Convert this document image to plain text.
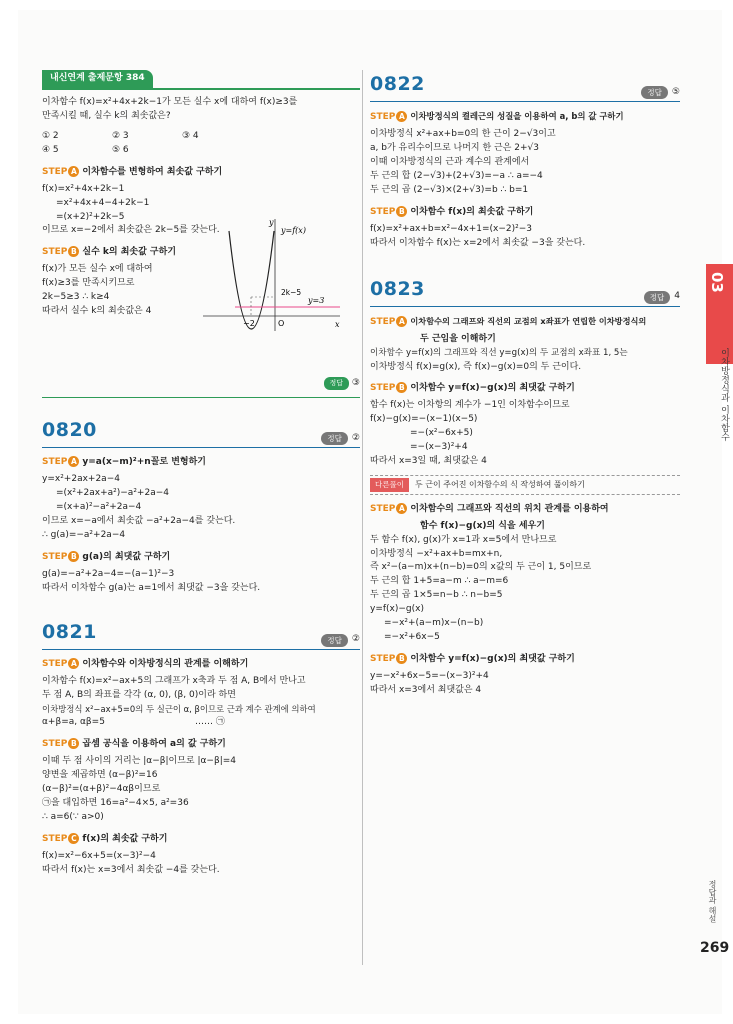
내신연계 출제문항 384
이차함수 f(x)=x²+4x+2k−1가 모든 실수 x에 대하여 f(x)≥3를
만족시킬 때, 실수 k의 최솟값은?
① 2	② 3	③ 4
④ 5	⑤ 6
STEP A 이차함수를 변형하여 최솟값 구하기
f(x)=x²+4x+2k−1
=x²+4x+4−4+2k−1
=(x+2)²+2k−5
이므로 x=−2에서 최솟값은 2k−5를 갖는다.
STEP B 실수 k의 최솟값 구하기
f(x)가 모든 실수 x에 대하여
f(x)≥3를 만족시키므로
2k−5≥3 ∴ k≥4
따라서 실수 k의 최솟값은 4
정답 ③
0820	정답	②
STEP A y=a(x−m)²+n꼴로 변형하기
y=x²+2ax+2a−4
=(x²+2ax+a²)−a²+2a−4
=(x+a)²−a²+2a−4
이므로 x=−a에서 최솟값 −a²+2a−4를 갖는다.
∴ g(a)=−a²+2a−4
STEP B g(a)의 최댓값 구하기
g(a)=−a²+2a−4=−(a−1)²−3
따라서 이차함수 g(a)는 a=1에서 최댓값 −3을 갖는다.
0821	정답	②
STEP A 이차함수와 이차방정식의 관계를 이해하기
이차함수 f(x)=x²−ax+5의 그래프가 x축과 두 점 A, B에서 만나고
두 점 A, B의 좌표를 각각 (α, 0), (β, 0)이라 하면
이차방정식 x²−ax+5=0의 두 실근이 α, β이므로 근과 계수 관계에 의하여
α+β=a, αβ=5	…… ㉠
STEP B 곱셈 공식을 이용하여 a의 값 구하기
이때 두 점 사이의 거리는 |α−β|이므로 |α−β|=4
양변을 제곱하면 (α−β)²=16
(α−β)²=(α+β)²−4αβ이므로
㉠을 대입하면 16=a²−4×5, a²=36
∴ a=6(∵ a>0)
STEP C f(x)의 최솟값 구하기
f(x)=x²−6x+5=(x−3)²−4
따라서 f(x)는 x=3에서 최솟값 −4를 갖는다.
y
y=f(x)
2k−5
y=3
−2	O	x
0822	정답	⑤
STEP A 이차방정식의 켤레근의 성질을 이용하여 a, b의 값 구하기
이차방정식 x²+ax+b=0의 한 근이 2−√3이고
a, b가 유리수이므로 나머지 한 근은 2+√3
이때 이차방정식의 근과 계수의 관계에서
두 근의 합 (2−√3)+(2+√3)=−a ∴ a=−4
두 근의 곱 (2−√3)×(2+√3)=b ∴ b=1
STEP B 이차함수 f(x)의 최솟값 구하기
f(x)=x²+ax+b=x²−4x+1=(x−2)²−3
따라서 이차함수 f(x)는 x=2에서 최솟값 −3을 갖는다.
0823	정답	4
STEP A 이차함수의 그래프와 직선의 교점의 x좌표가 연립한 이차방정식의
두 근임을 이해하기
이차함수 y=f(x)의 그래프와 직선 y=g(x)의 두 교점의 x좌표 1, 5는
이차방정식 f(x)=g(x), 즉 f(x)−g(x)=0의 두 근이다.
STEP B 이차함수 y=f(x)−g(x)의 최댓값 구하기
함수 f(x)는 이차항의 계수가 −1인 이차함수이므로
f(x)−g(x)=−(x−1)(x−5)
=−(x²−6x+5)
=−(x−3)²+4
따라서 x=3일 때, 최댓값은 4
다른풀이 두 근이 주어진 이차함수의 식 작성하여 풀이하기
STEP A 이차함수의 그래프와 직선의 위치 관계를 이용하여
함수 f(x)−g(x)의 식을 세우기
두 함수 f(x), g(x)가 x=1과 x=5에서 만나므로
이차방정식 −x²+ax+b=mx+n,
즉 x²−(a−m)x+(n−b)=0의 x값의 두 근이 1, 5이므로
두 근의 합 1+5=a−m ∴ a−m=6
두 근의 곱 1×5=n−b ∴ n−b=5
y=f(x)−g(x)
=−x²+(a−m)x−(n−b)
=−x²+6x−5
STEP B 이차함수 y=f(x)−g(x)의 최댓값 구하기
y=−x²+6x−5=−(x−3)²+4
따라서 x=3에서 최댓값은 4
03
이차방정식과 이차함수
정답과 해설
269
